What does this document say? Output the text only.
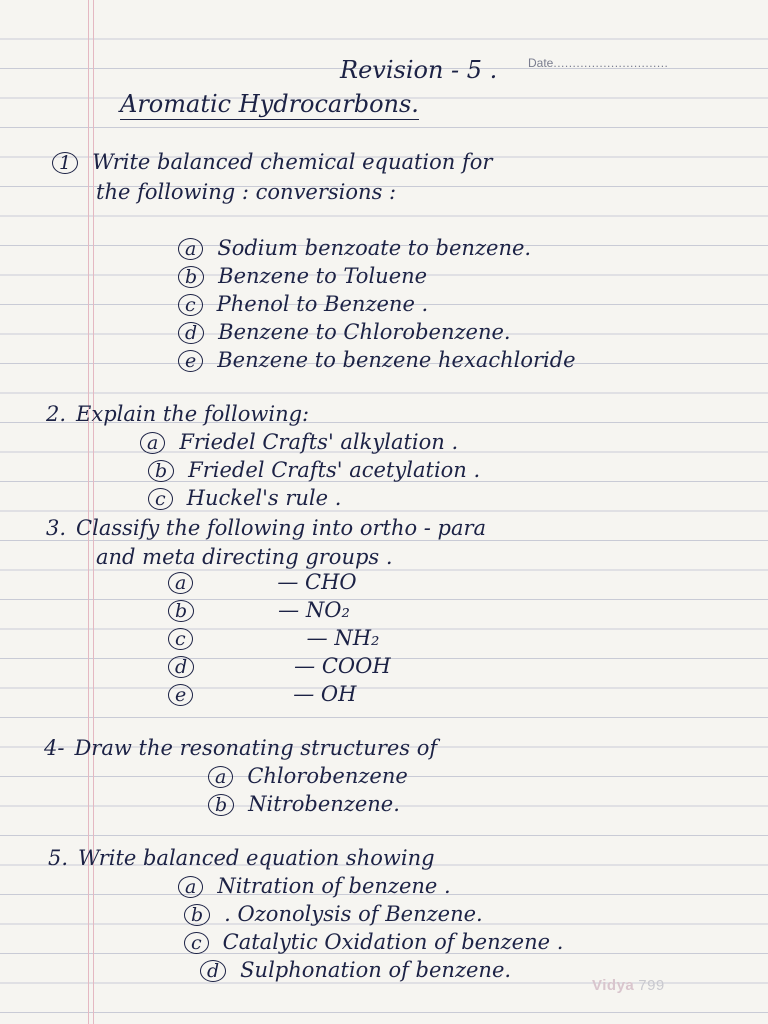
Revision - 5 .	Date..............................
Aromatic Hydrocarbons.
1 Write balanced chemical equation for
the following : conversions :
a Sodium benzoate to benzene.
b Benzene to Toluene
c Phenol to Benzene .
d Benzene to Chlorobenzene.
e Benzene to benzene hexachloride
2. Explain the following:
a Friedel Crafts' alkylation .
b Friedel Crafts' acetylation .
c Huckel's rule .
3. Classify the following into ortho - para
and meta directing groups .
a	— CHO
b	— NO₂
c	— NH₂
d	— COOH
e	— OH
4- Draw the resonating structures of
a Chlorobenzene
b Nitrobenzene.
5. Write balanced equation showing
a Nitration of benzene .
b . Ozonolysis of Benzene.
c Catalytic Oxidation of benzene .
d Sulphonation of benzene.
Vidya 799
